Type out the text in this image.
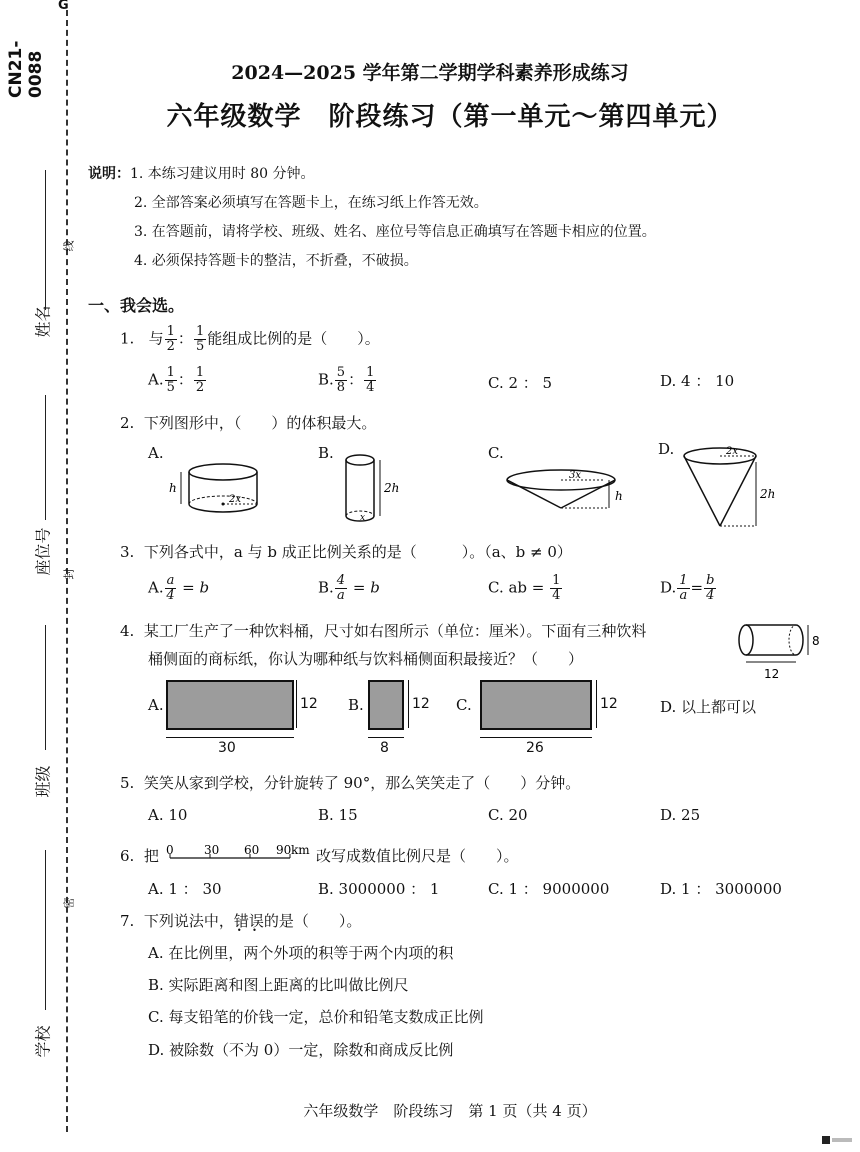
CN21-0088
G
姓名
线
座位号 封
班级
学校
密
2024—2025 学年第二学期学科素养形成练习
六年级数学　阶段练习（第一单元～第四单元）
说明：1. 本练习建议用时 80 分钟。
2. 全部答案必须填写在答题卡上，在练习纸上作答无效。
3. 在答题前，请将学校、班级、姓名、座位号等信息正确填写在答题卡相应的位置。
4. 必须保持答题卡的整洁，不折叠，不破损。
一、我会选。
1. 与 $\frac{1}{2}$ ： $\frac{1}{5}$ 能组成比例的是（　　）。
A. $\frac{1}{5}$ ： $\frac{1}{2}$	B. $\frac{5}{8}$ ： $\frac{1}{4}$	C. 2 ： 5	D. 4 ： 10
2. 下列图形中，（　　）的体积最大。
A.	B.	C.	D.
h
2x
2h
x
3x
h
2x
2h
3. 下列各式中，a 与 b 成正比例关系的是（　　　）。（a、b ≠ 0）
A. $\frac{a}{4} = b$	B. $\frac{4}{a} = b$	C. ab = $\frac{1}{4}$	D. $\frac{1}{a} = \frac{b}{4}$
4. 某工厂生产了一种饮料桶，尺寸如右图所示（单位：厘米）。下面有三种饮料
桶侧面的商标纸，你认为哪种纸与饮料桶侧面积最接近？（　　）
8
12
A.	12
30
B.	12
8
C.	12
26
D. 以上都可以
5. 笑笑从家到学校，分针旋转了 90°，那么笑笑走了（　　）分钟。
A. 10	B. 15	C. 20	D. 25
6. 把 0	30 60 90 km 改写成数值比例尺是（　　）。
A. 1 ： 30	B. 3000000 ： 1	C. 1 ： 9000000	D. 1 ： 3000000
7. 下列说法中，错误 • •的是（　　）。
A. 在比例里，两个外项的积等于两个内项的积
B. 实际距离和图上距离的比叫做比例尺
C. 每支铅笔的价钱一定，总价和铅笔支数成正比例
D. 被除数（不为 0）一定，除数和商成反比例
六年级数学　阶段练习　第 1 页（共 4 页）
